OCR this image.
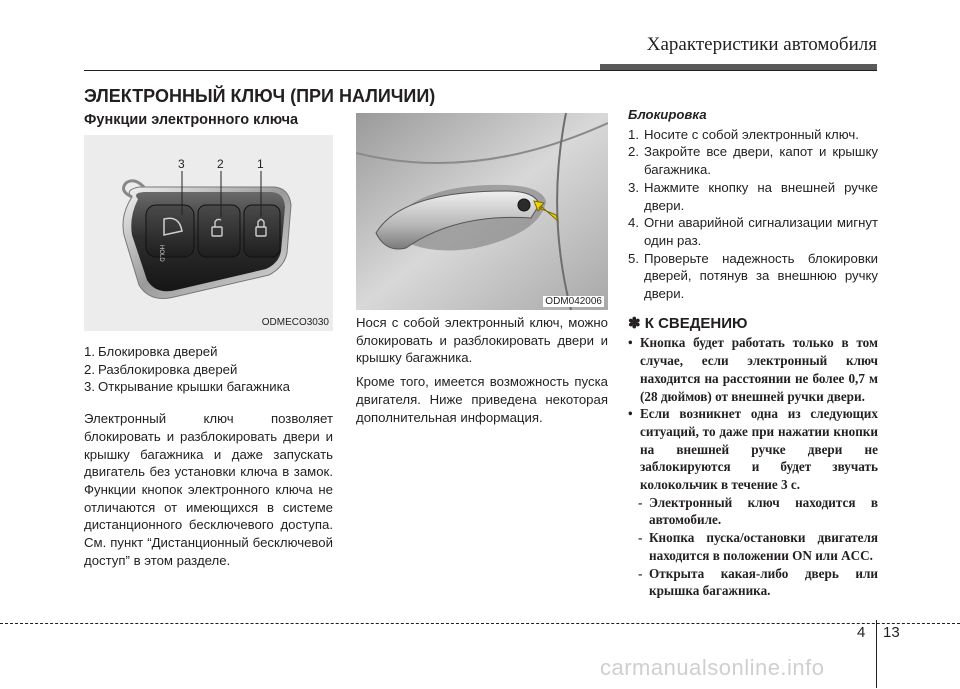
Характеристики автомобиля
ЭЛЕКТРОННЫЙ КЛЮЧ (ПРИ НАЛИЧИИ)
Функции электронного ключа
HOLD
3	2	1
ODMECO3030
1. Блокировка дверей
2. Разблокировка дверей
3. Открывание крышки багажника

Электронный ключ позволяет блокировать и разблокировать двери и крышку багажника и даже запускать двигатель без установки ключа в замок. Функции кнопок электронного ключа не отличаются от имеющихся в системе дистанционного бесключевого доступа. См. пункт “Дистанционный бесключевой доступ” в этом разделе.

ODM042006

Нося с собой электронный ключ, можно блокировать и разблокировать двери и крышку багажника.

Кроме того, имеется возможность пуска двигателя. Ниже приведена некоторая дополнительная информация.

Блокировка
1. Носите с собой электронный ключ.
2. Закройте все двери, капот и крышку багажника.
3. Нажмите кнопку на внешней ручке двери.
4. Огни аварийной сигнализации мигнут один раз.
5. Проверьте надежность блокировки дверей, потянув за внешнюю ручку двери.
✽ К СВЕДЕНИЮ
• Кнопка будет работать только в том случае, если электронный ключ находится на расстоянии не более 0,7 м (28 дюймов) от внешней ручки двери.
• Если возникнет одна из следующих ситуаций, то даже при нажатии кнопки на внешней ручке двери не заблокируются и будет звучать колокольчик в течение 3 с.
- Электронный ключ находится в автомобиле.
- Кнопка пуска/остановки двигателя находится в положении ON или ACC.
- Открыта какая-либо дверь или крышка багажника.
4 13
carmanualsonline.info
